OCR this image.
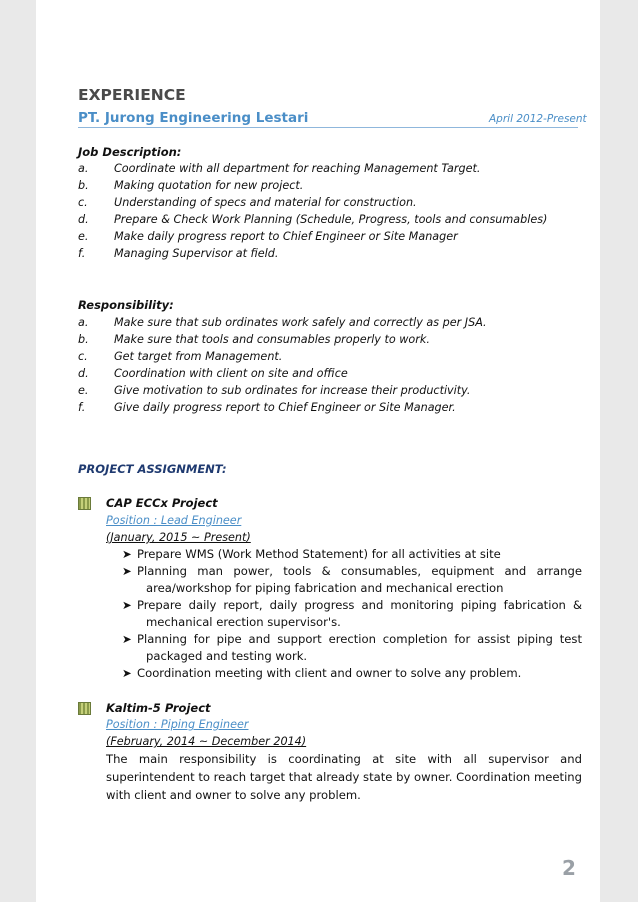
EXPERIENCE
PT. Jurong Engineering Lestari	April 2012-Present
Job Description:
a. Coordinate with all department for reaching Management Target.
b. Making quotation for new project.
c. Understanding of specs and material for construction.
d. Prepare & Check Work Planning (Schedule, Progress, tools and consumables)
e. Make daily progress report to Chief Engineer or Site Manager
f.	Managing Supervisor at field.
Responsibility:
a. Make sure that sub ordinates work safely and correctly as per JSA.
b. Make sure that tools and consumables properly to work.
c. Get target from Management.
d. Coordination with client on site and office
e. Give motivation to sub ordinates for increase their productivity.
f.	Give daily progress report to Chief Engineer or Site Manager.
PROJECT ASSIGNMENT:
CAP ECCx Project
Position : Lead Engineer
(January, 2015 ~ Present)
➤ Prepare WMS (Work Method Statement) for all activities at site
➤ Planning man power, tools & consumables, equipment and arrange
area/workshop for piping fabrication and mechanical erection
➤ Prepare daily report, daily progress and monitoring piping fabrication &
mechanical erection supervisor's.
➤ Planning for pipe and support erection completion for assist piping test
packaged and testing work.
➤ Coordination meeting with client and owner to solve any problem.
Kaltim-5 Project
Position : Piping Engineer
(February, 2014 ~ December 2014)
The main responsibility is coordinating at site with all supervisor and
superintendent to reach target that already state by owner. Coordination meeting
with client and owner to solve any problem.
2
